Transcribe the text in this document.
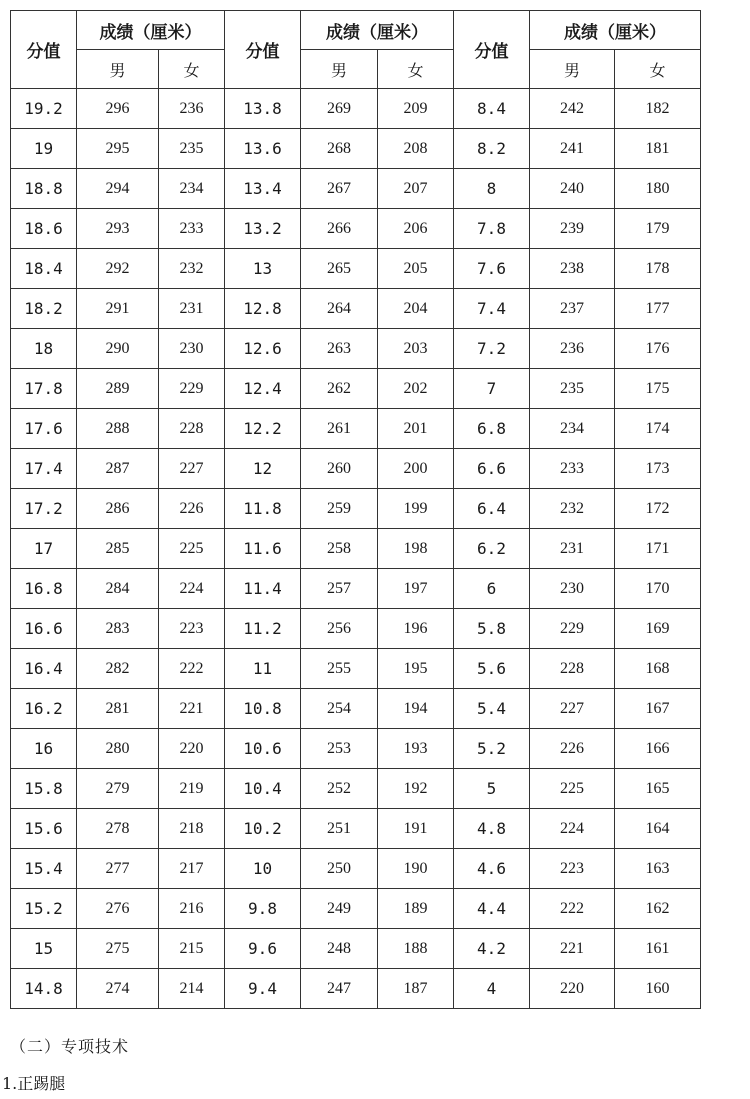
分值	成绩（厘米）		分值	成绩（厘米）		分值	成绩（厘米）	
	男	女		男	女		男	女
19.2	296	236	13.8	269	209	8.4	242	182
19	295	235	13.6	268	208	8.2	241	181
18.8	294	234	13.4	267	207	8	240	180
18.6	293	233	13.2	266	206	7.8	239	179
18.4	292	232	13	265	205	7.6	238	178
18.2	291	231	12.8	264	204	7.4	237	177
18	290	230	12.6	263	203	7.2	236	176
17.8	289	229	12.4	262	202	7	235	175
17.6	288	228	12.2	261	201	6.8	234	174
17.4	287	227	12	260	200	6.6	233	173
17.2	286	226	11.8	259	199	6.4	232	172
17	285	225	11.6	258	198	6.2	231	171
16.8	284	224	11.4	257	197	6	230	170
16.6	283	223	11.2	256	196	5.8	229	169
16.4	282	222	11	255	195	5.6	228	168
16.2	281	221	10.8	254	194	5.4	227	167
16	280	220	10.6	253	193	5.2	226	166
15.8	279	219	10.4	252	192	5	225	165
15.6	278	218	10.2	251	191	4.8	224	164
15.4	277	217	10	250	190	4.6	223	163
15.2	276	216	9.8	249	189	4.4	222	162
15	275	215	9.6	248	188	4.2	221	161
14.8	274	214	9.4	247	187	4	220	160
（二）专项技术
1.正踢腿
